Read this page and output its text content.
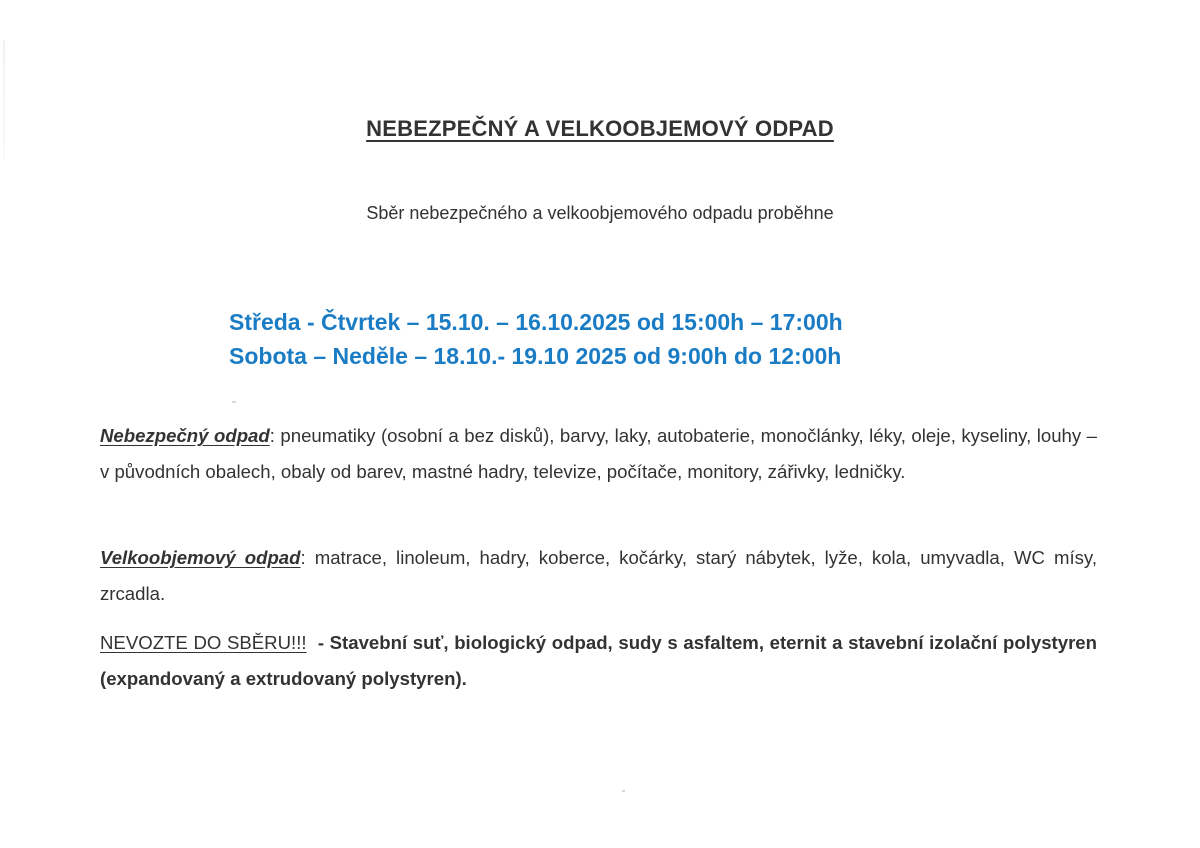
NEBEZPEČNÝ A VELKOOBJEMOVÝ ODPAD
Sběr nebezpečného a velkoobjemového odpadu proběhne
Středa - Čtvrtek – 15.10. – 16.10.2025 od 15:00h – 17:00h
Sobota – Neděle – 18.10.- 19.10 2025 od 9:00h do 12:00h
Nebezpečný odpad: pneumatiky (osobní a bez disků), barvy, laky, autobaterie, monočlánky, léky, oleje, kyseliny, louhy – v původních obalech, obaly od barev, mastné hadry, televize, počítače, monitory, zářivky, ledničky.
Velkoobjemový odpad: matrace, linoleum, hadry, koberce, kočárky, starý nábytek, lyže, kola, umyvadla, WC mísy, zrcadla.
NEVOZTE DO SBĚRU!!!  - Stavební suť, biologický odpad, sudy s asfaltem, eternit a stavební izolační polystyren (expandovaný a extrudovaný polystyren).
